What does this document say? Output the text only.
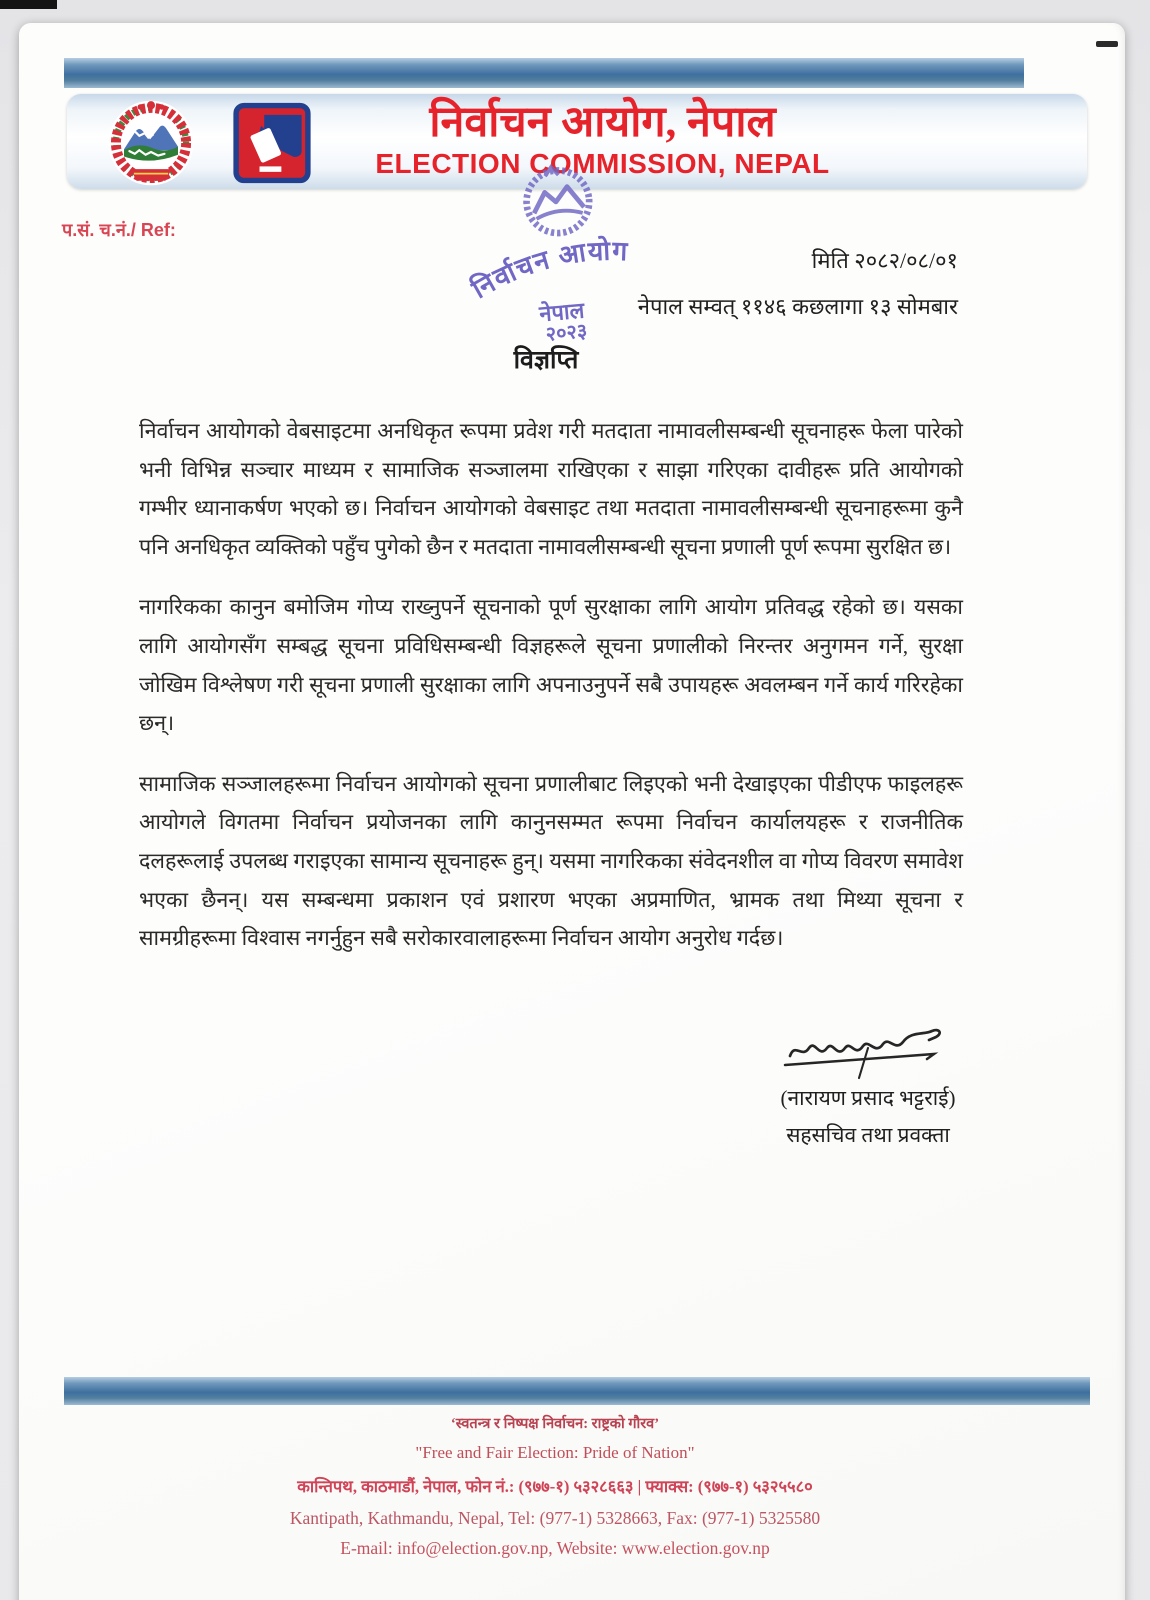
निर्वाचन आयोग, नेपाल
ELECTION COMMISSION, NEPAL
प.सं. च.नं./ Ref:
निर्वाचन आयोग
नेपाल
२०२३
मिति २०८२/०८/०१
नेपाल सम्वत् ११४६ कछलागा १३ सोमबार
विज्ञप्ति

निर्वाचन आयोगको वेबसाइटमा अनधिकृत रूपमा प्रवेश गरी मतदाता नामावलीसम्बन्धी सूचनाहरू फेला पारेको भनी विभिन्न सञ्चार माध्यम र सामाजिक सञ्जालमा राखिएका र साझा गरिएका दावीहरू प्रति आयोगको गम्भीर ध्यानाकर्षण भएको छ। निर्वाचन आयोगको वेबसाइट तथा मतदाता नामावलीसम्बन्धी सूचनाहरूमा कुनै पनि अनधिकृत व्यक्तिको पहुँच पुगेको छैन र मतदाता नामावलीसम्बन्धी सूचना प्रणाली पूर्ण रूपमा सुरक्षित छ।

नागरिकका कानुन बमोजिम गोप्य राख्नुपर्ने सूचनाको पूर्ण सुरक्षाका लागि आयोग प्रतिवद्ध रहेको छ। यसका लागि आयोगसँग सम्बद्ध सूचना प्रविधिसम्बन्धी विज्ञहरूले सूचना प्रणालीको निरन्तर अनुगमन गर्ने, सुरक्षा जोखिम विश्लेषण गरी सूचना प्रणाली सुरक्षाका लागि अपनाउनुपर्ने सबै उपायहरू अवलम्बन गर्ने कार्य गरिरहेका छन्।

सामाजिक सञ्जालहरूमा निर्वाचन आयोगको सूचना प्रणालीबाट लिइएको भनी देखाइएका पीडीएफ फाइलहरू आयोगले विगतमा निर्वाचन प्रयोजनका लागि कानुनसम्मत रूपमा निर्वाचन कार्यालयहरू र राजनीतिक दलहरूलाई उपलब्ध गराइएका सामान्य सूचनाहरू हुन्। यसमा नागरिकका संवेदनशील वा गोप्य विवरण समावेश भएका छैनन्। यस सम्बन्धमा प्रकाशन एवं प्रशारण भएका अप्रमाणित, भ्रामक तथा मिथ्या सूचना र सामग्रीहरूमा विश्वास नगर्नुहुन सबै सरोकारवालाहरूमा निर्वाचन आयोग अनुरोध गर्दछ।

(नारायण प्रसाद भट्टराई)
सहसचिव तथा प्रवक्ता
‘स्वतन्त्र र निष्पक्ष निर्वाचन: राष्ट्रको गौरव’
"Free and Fair Election: Pride of Nation"
कान्तिपथ, काठमाडौं, नेपाल, फोन नं.: (९७७-१) ५३२८६६३ | फ्याक्स: (९७७-१) ५३२५५८०
Kantipath, Kathmandu, Nepal, Tel: (977-1) 5328663, Fax: (977-1) 5325580
E-mail: info@election.gov.np, Website: www.election.gov.np
